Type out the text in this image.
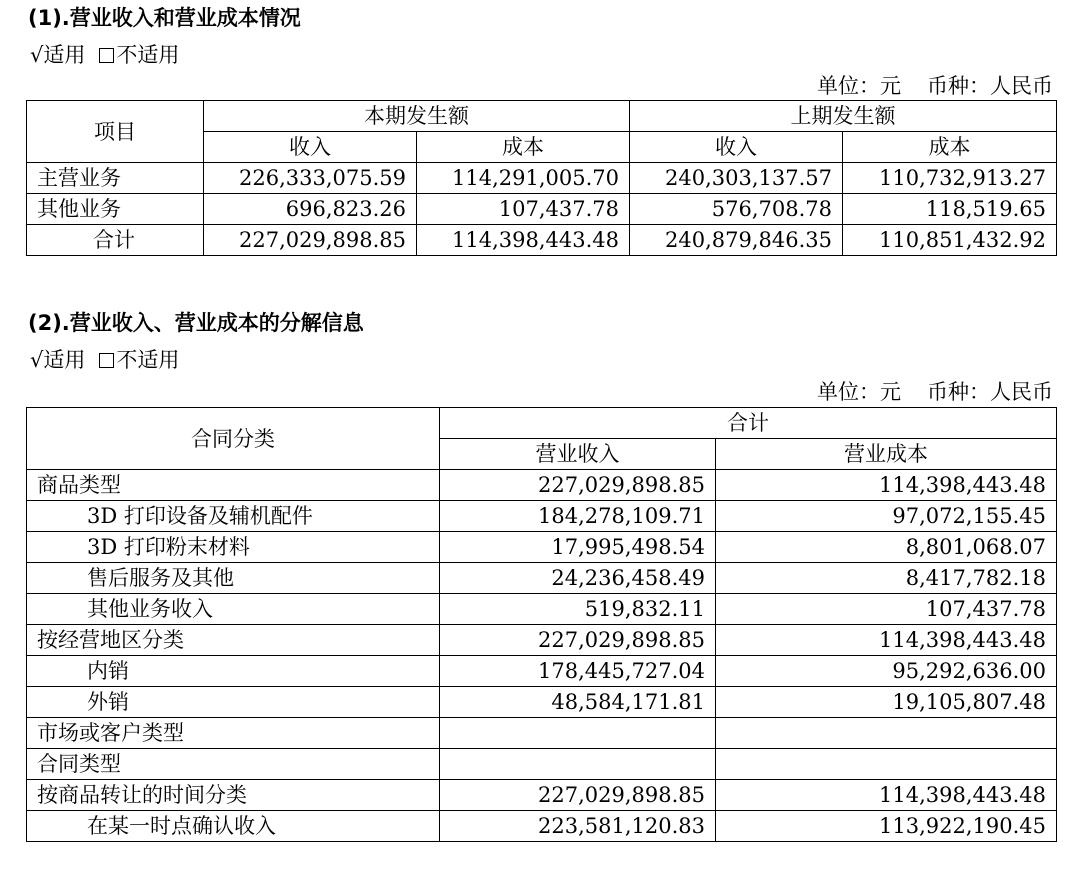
(1).营业收入和营业成本情况
√适用 不适用
单位：元 币种：人民币
项目	本期发生额		上期发生额	
	收入	成本	收入	成本
主营业务	226,333,075.59	114,291,005.70	240,303,137.57	110,732,913.27
其他业务	696,823.26	107,437.78	576,708.78	118,519.65
合计	227,029,898.85	114,398,443.48	240,879,846.35	110,851,432.92
(2).营业收入、营业成本的分解信息
√适用 不适用
单位：元 币种：人民币
合同分类	合计	
	营业收入	营业成本
商品类型	227,029,898.85	114,398,443.48
3D 打印设备及辅机配件	184,278,109.71	97,072,155.45
3D 打印粉末材料	17,995,498.54	8,801,068.07
售后服务及其他	24,236,458.49	8,417,782.18
其他业务收入	519,832.11	107,437.78
按经营地区分类	227,029,898.85	114,398,443.48
内销	178,445,727.04	95,292,636.00
外销	48,584,171.81	19,105,807.48
市场或客户类型		
合同类型		
按商品转让的时间分类	227,029,898.85	114,398,443.48
在某一时点确认收入	223,581,120.83	113,922,190.45
